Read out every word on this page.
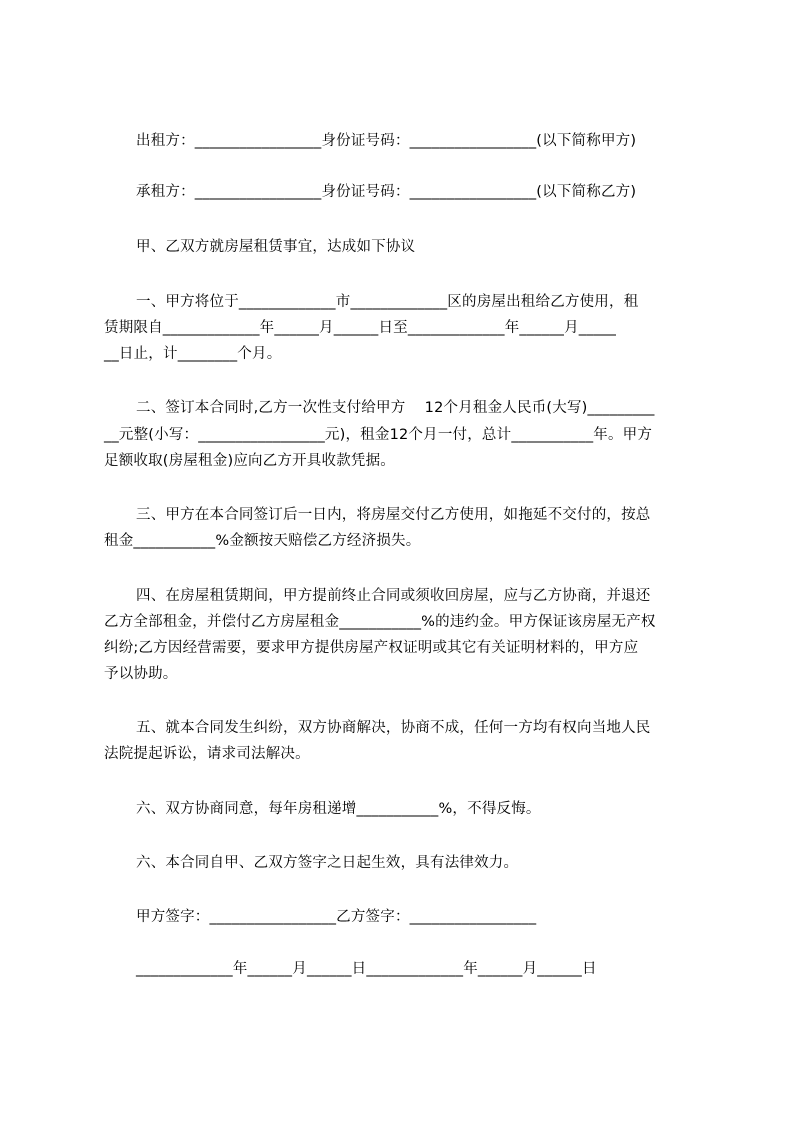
出租方：_________________身份证号码：_________________(以下简称甲方)
承租方：_________________身份证号码：_________________(以下简称乙方)
甲、乙双方就房屋租赁事宜，达成如下协议
一、甲方将位于_____________市_____________区的房屋出租给乙方使用，租
赁期限自_____________年______月______日至_____________年______月_____
__日止，计________个月。
二、签订本合同时,乙方一次性支付给甲方    12个月租金人民币(大写)_________
__元整(小写：_________________元)，租金12个月一付，总计___________年。甲方
足额收取(房屋租金)应向乙方开具收款凭据。
三、甲方在本合同签订后一日内，将房屋交付乙方使用，如拖延不交付的，按总
租金___________%金额按天赔偿乙方经济损失。
四、在房屋租赁期间，甲方提前终止合同或须收回房屋，应与乙方协商，并退还
乙方全部租金，并偿付乙方房屋租金___________%的违约金。甲方保证该房屋无产权
纠纷;乙方因经营需要，要求甲方提供房屋产权证明或其它有关证明材料的，甲方应
予以协助。
五、就本合同发生纠纷，双方协商解决，协商不成，任何一方均有权向当地人民
法院提起诉讼，请求司法解决。
六、双方协商同意，每年房租递增___________%，不得反悔。
六、本合同自甲、乙双方签字之日起生效，具有法律效力。
甲方签字：_________________乙方签字：_________________
_____________年______月______日_____________年______月______日
